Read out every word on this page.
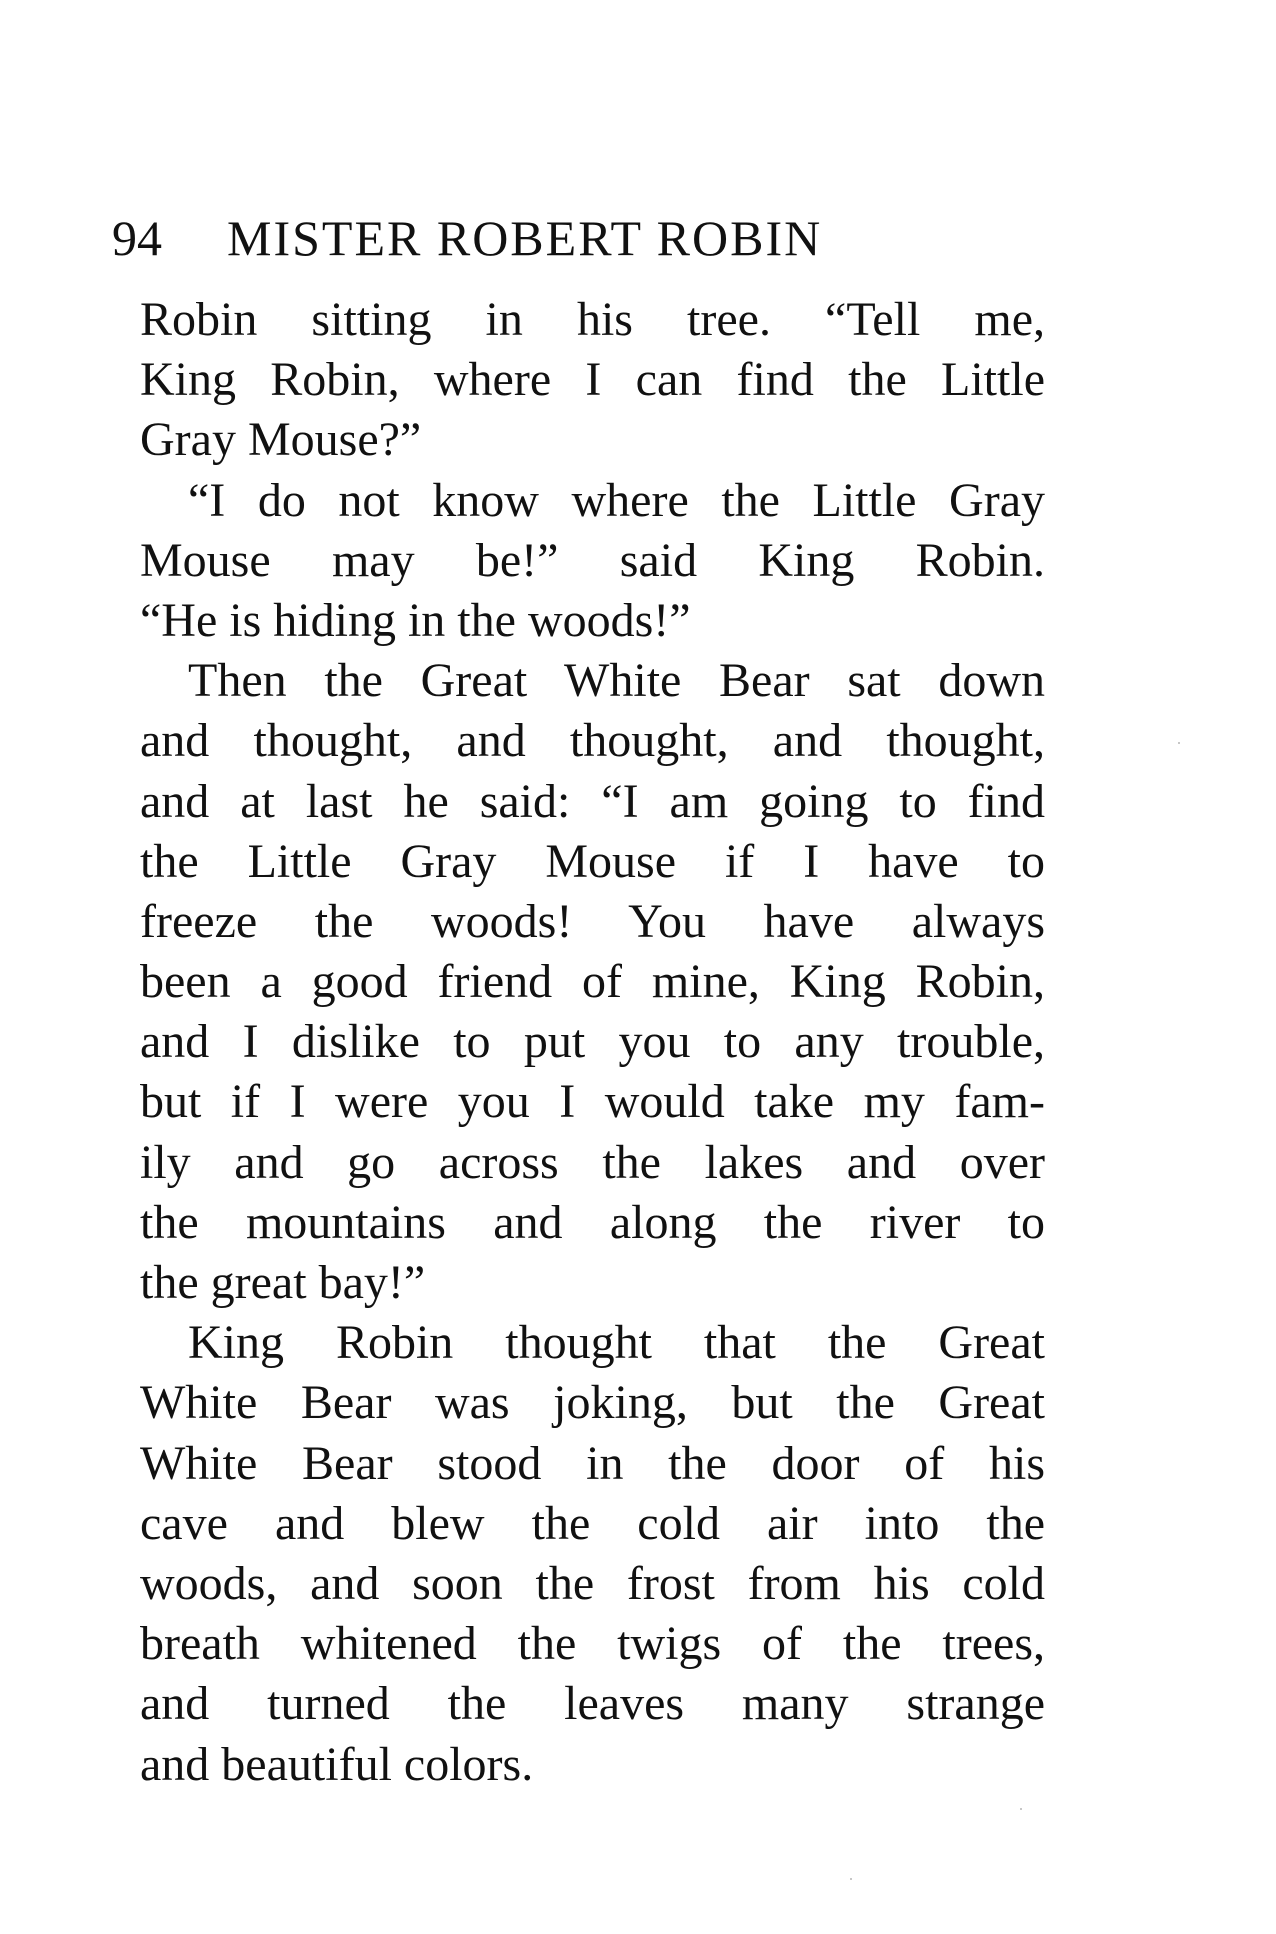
94 MISTER ROBERT ROBIN
Robin sitting in his tree. “Tell me,
King Robin, where I can find the Little
Gray Mouse?”
“I do not know where the Little Gray
Mouse may be!” said King Robin.
“He is hiding in the woods!”
Then the Great White Bear sat down
and thought, and thought, and thought,
and at last he said: “I am going to find
the Little Gray Mouse if I have to
freeze the woods! You have always
been a good friend of mine, King Robin,
and I dislike to put you to any trouble,
but if I were you I would take my fam-
ily and go across the lakes and over
the mountains and along the river to
the great bay!”
King Robin thought that the Great
White Bear was joking, but the Great
White Bear stood in the door of his
cave and blew the cold air into the
woods, and soon the frost from his cold
breath whitened the twigs of the trees,
and turned the leaves many strange
and beautiful colors.
